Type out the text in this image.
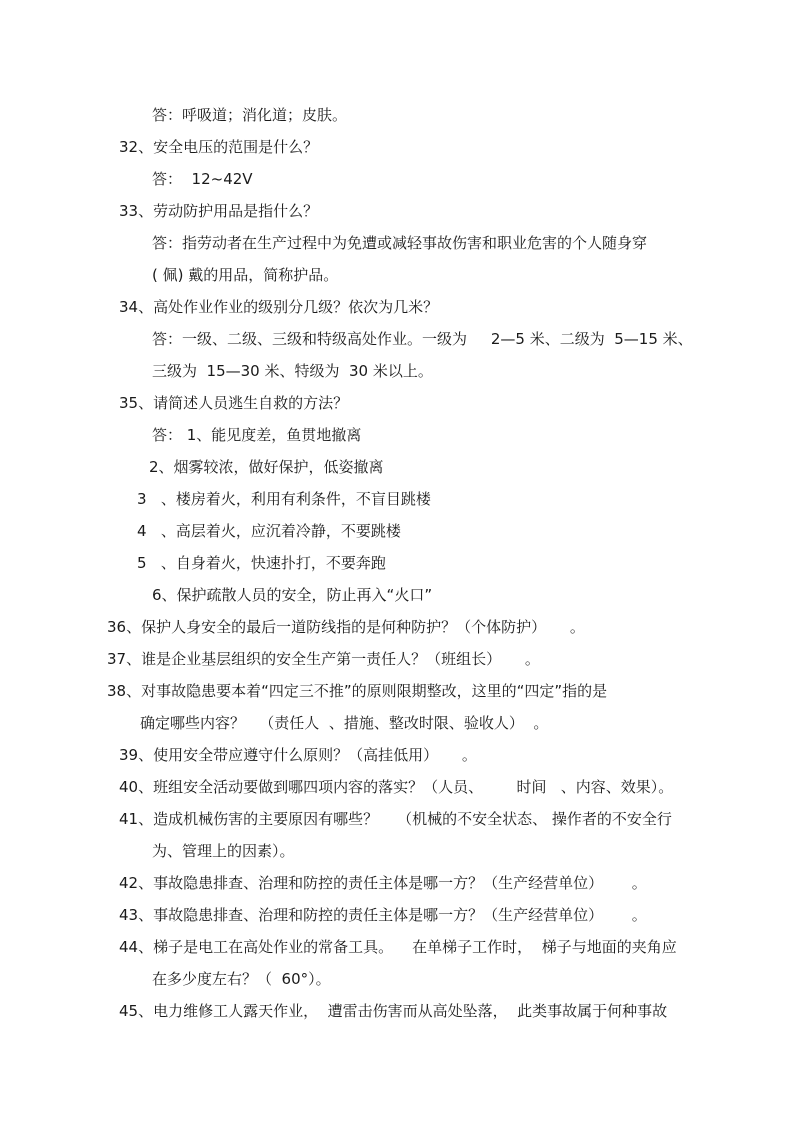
答：呼吸道；消化道；皮肤。

32、安全电压的范围是什么？

答：  12~42V

33、劳动防护用品是指什么？

答：指劳动者在生产过程中为免遭或减轻事故伤害和职业危害的个人随身穿

( 佩) 戴的用品，简称护品。

34、高处作业作业的级别分几级？依次为几米？

答：一级、二级、三级和特级高处作业。一级为     2—5 米、二级为  5—15 米、

三级为  15—30 米、特级为  30 米以上。

35、请简述人员逃生自救的方法？

答： 1、能见度差，鱼贯地撤离

2、烟雾较浓，做好保护，低姿撤离

3   、楼房着火，利用有利条件，不盲目跳楼

4   、高层着火，应沉着冷静，不要跳楼

5   、自身着火，快速扑打，不要奔跑

6、保护疏散人员的安全，防止再入“火口”

36、保护人身安全的最后一道防线指的是何种防护？（个体防护）     。

37、谁是企业基层组织的安全生产第一责任人？（班组长）     。

38、对事故隐患要本着“四定三不推”的原则限期整改，这里的“四定”指的是

确定哪些内容？   （责任人  、措施、整改时限、验收人）  。

39、使用安全带应遵守什么原则？（高挂低用）     。

40、班组安全活动要做到哪四项内容的落实？（人员、       时间   、内容、效果）。

41、造成机械伤害的主要原因有哪些？    （机械的不安全状态、 操作者的不安全行

为、管理上的因素）。

42、事故隐患排查、治理和防控的责任主体是哪一方？（生产经营单位）      。

43、事故隐患排查、治理和防控的责任主体是哪一方？（生产经营单位）      。

44、梯子是电工在高处作业的常备工具。    在单梯子工作时，  梯子与地面的夹角应

在多少度左右？（  60°）。

45、电力维修工人露天作业，  遭雷击伤害而从高处坠落，  此类事故属于何种事故
